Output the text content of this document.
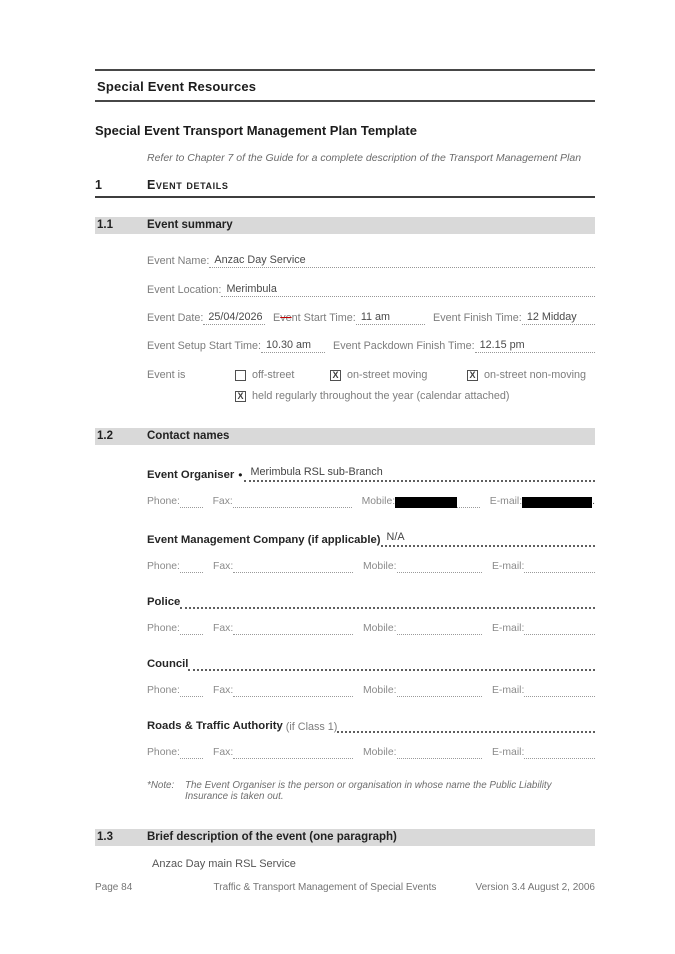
Special Event Resources
Special Event Transport Management Plan Template
Refer to Chapter 7 of the Guide for a complete description of the Transport Management Plan
1	Event details
1.1	Event summary
Event Name: Anzac Day Service
Event Location: Merimbula
Event Date: 25/04/2026 Event Start Time: 11 am	Event Finish Time: 12 Midday
Event Setup Start Time: 10.30 am	Event Packdown Finish Time: 12.15 pm
Event is	off-street	X on-street moving	X on-street non-moving
X held regularly throughout the year (calendar attached)
1.2	Contact names
Event Organiser • Merimbula RSL sub-Branch
Phone:	Fax:	Mobile:	E-mail:	.
Event Management Company (if applicable) N/A
Phone:	Fax:	Mobile:	E-mail:
Police
Phone:	Fax:	Mobile:	E-mail:
Council
Phone:	Fax:	Mobile:	E-mail:
Roads & Traffic Authority (if Class 1)
Phone:	Fax:	Mobile:	E-mail:
*Note:	The Event Organiser is the person or organisation in whose name the Public Liability Insurance is taken out.
1.3	Brief description of the event (one paragraph)
Anzac Day main RSL Service
Page 84	Traffic & Transport Management of Special Events	Version 3.4 August 2, 2006
